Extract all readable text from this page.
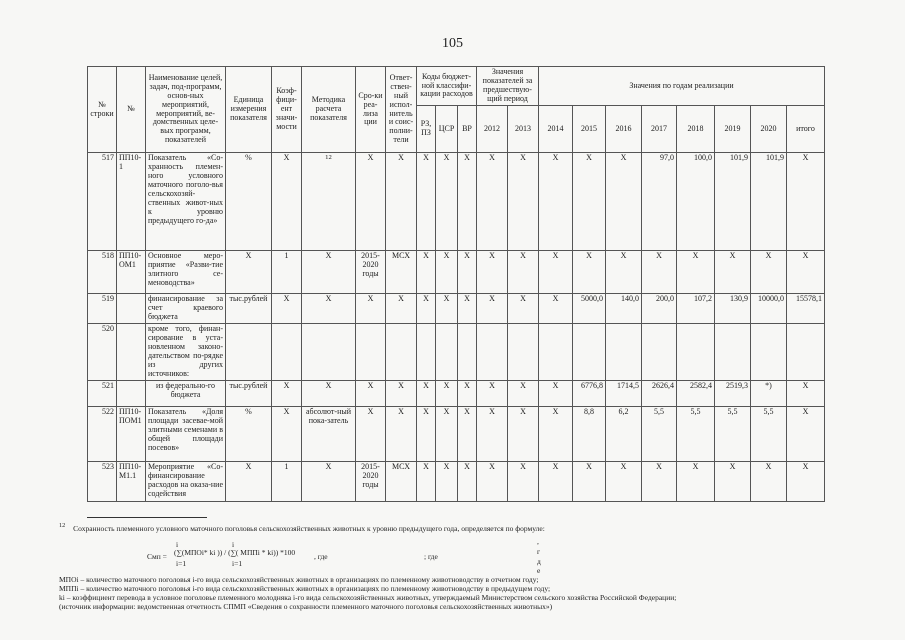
105
№ строки	№	Наименование целей, задач, под-программ, основ-ных мероприятий, мероприятий, ве-домственных целе-вых программ, показателей	Единица измерения показателя	Коэф-фици-ент значи-мости	Методика расчета показателя	Сро-ки реа-лиза ции	Ответ-ствен-ный испол-нитель и соис-полни-тели	Коды бюджет-ной классифи-кации расходов			Значения показателей за предшествую-щий период		Значения по годам реализации							
								РЗ, ПЗ	ЦСР	ВР	2012	2013	2014	2015	2016	2017	2018	2019	2020	итого
517	ПП10-1	Показатель «Со-хранность племен-ного условного маточного поголо-вья сельскохозяй-ственных живот-ных к уровню предыдущего го-да»	%	Х	$^{12}$	Х	Х	Х	Х	Х	Х	Х	Х	Х	Х	97,0	100,0	101,9	101,9	Х
518	ПП10-ОМ1	Основное меро-приятие «Разви-тие элитного се-меноводства»	Х	1	Х	2015-2020 годы	МСХ	Х	Х	Х	Х	Х	Х	Х	Х	Х	Х	Х	Х	Х
519		финансирование за счет краевого бюджета	тыс.рублей	Х	Х	Х	Х	Х	Х	Х	Х	Х	Х	5000,0	140,0	200,0	107,2	130,9	10000,0	15578,1
520		кроме того, финан-сирование в уста-новленном законо-дательством по-рядке из других источников:																		
521		из федерально-го бюджета	тыс.рублей	Х	Х	Х	Х	Х	Х	Х	Х	Х	Х	6776,8	1714,5	2626,4	2582,4	2519,3	*)	Х
522	ПП10-ПОМ1	Показатель «Доля площади засевае-мой элитными семенами в общей площади посевов»	%	Х	абсолют-ный пока-затель	Х	Х	Х	Х	Х	Х	Х	Х	8,8	6,2	5,5	5,5	5,5	5,5	Х
523	ПП10-М1.1	Мероприятие «Со-финансирование расходов на оказа-ние содействия	Х	1	Х	2015-2020 годы	МСХ	Х	Х	Х	Х	Х	Х	Х	Х	Х	Х	Х	Х	Х
$^{12}$ Сохранность племенного условного маточного поголовья сельскохозяйственных животных к уровню предыдущего года, определяется по формуле:
i	i
Смп = (∑(МПОi* ki )) / (∑( МППi * ki)) *100	, где	; где
i=1	i=1
, г д е
МПОi – количество маточного поголовья i-го вида сельскохозяйственных животных в организациях по племенному животноводству в отчетном году;
МППi – количество маточного поголовья i-го вида сельскохозяйственных животных в организациях по племенному животноводству в предыдущем году;
ki – коэффициент перевода в условное поголовье племенного молодняка i-го вида сельскохозяйственных животных, утверждаемый Министерством сельского хозяйства Российской Федерации;
(источник информации: ведомственная отчетность СПМП «Сведения о сохранности племенного маточного поголовья сельскохозяйственных животных»)
